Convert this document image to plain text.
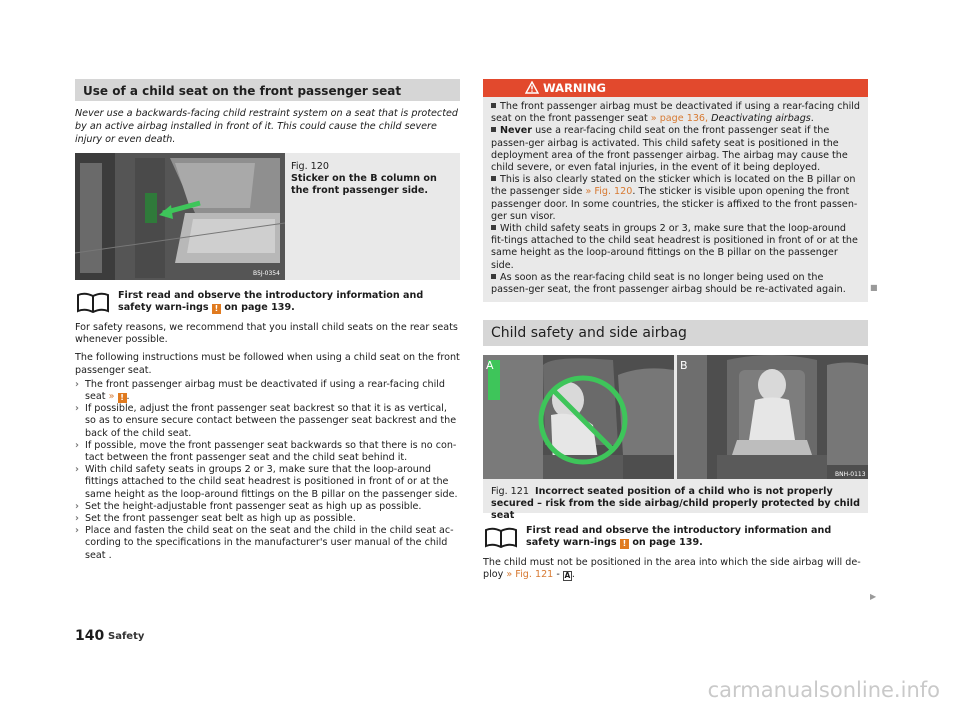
Use of a child seat on the front passenger seat

Never use a backwards-facing child restraint system on a seat that is protected by an active airbag installed in front of it. This could cause the child severe injury or even death.

B5J-0354
Fig. 120
Sticker on the B column on the front passenger side.
First read and observe the introductory information and safety warn-ings ! on page 139.

For safety reasons, we recommend that you install child seats on the rear seats whenever possible.

The following instructions must be followed when using a child seat on the front passenger seat.

› The front passenger airbag must be deactivated if using a rear-facing child seat » ! .
› If possible, adjust the front passenger seat backrest so that it is as vertical, so as to ensure secure contact between the passenger seat backrest and the back of the child seat.
› If possible, move the front passenger seat backwards so that there is no con-tact between the front passenger seat and the child seat behind it.
› With child safety seats in groups 2 or 3, make sure that the loop-around fittings attached to the child seat headrest is positioned in front of or at the same height as the loop-around fittings on the B pillar on the passenger side.
› Set the height-adjustable front passenger seat as high up as possible.
› Set the front passenger seat belt as high up as possible.
› Place and fasten the child seat on the seat and the child in the child seat ac-cording to the specifications in the manufacturer's user manual of the child seat .
WARNING
The front passenger airbag must be deactivated if using a rear-facing child seat on the front passenger seat » page 136, Deactivating airbags.
Never use a rear-facing child seat on the front passenger seat if the passen-ger airbag is activated. This child safety seat is positioned in the deployment area of the front passenger airbag. The airbag may cause the child severe, or even fatal injuries, in the event of it being deployed.
This is also clearly stated on the sticker which is located on the B pillar on the passenger side » Fig. 120. The sticker is visible upon opening the front passenger door. In some countries, the sticker is affixed to the front passen-ger sun visor.
With child safety seats in groups 2 or 3, make sure that the loop-around fit-tings attached to the child seat headrest is positioned in front of or at the same height as the loop-around fittings on the B pillar on the passenger side.
As soon as the rear-facing child seat is no longer being used on the passen-ger seat, the front passenger airbag should be re-activated again.
Child safety and side airbag
A	B
BNH-0113
Fig. 121 Incorrect seated position of a child who is not properly secured – risk from the side airbag/child properly protected by child seat
First read and observe the introductory information and safety warn-ings ! on page 139.

The child must not be positioned in the area into which the side airbag will de-ploy » Fig. 121 - A .

■
▶
140 Safety
carmanualsonline.info
